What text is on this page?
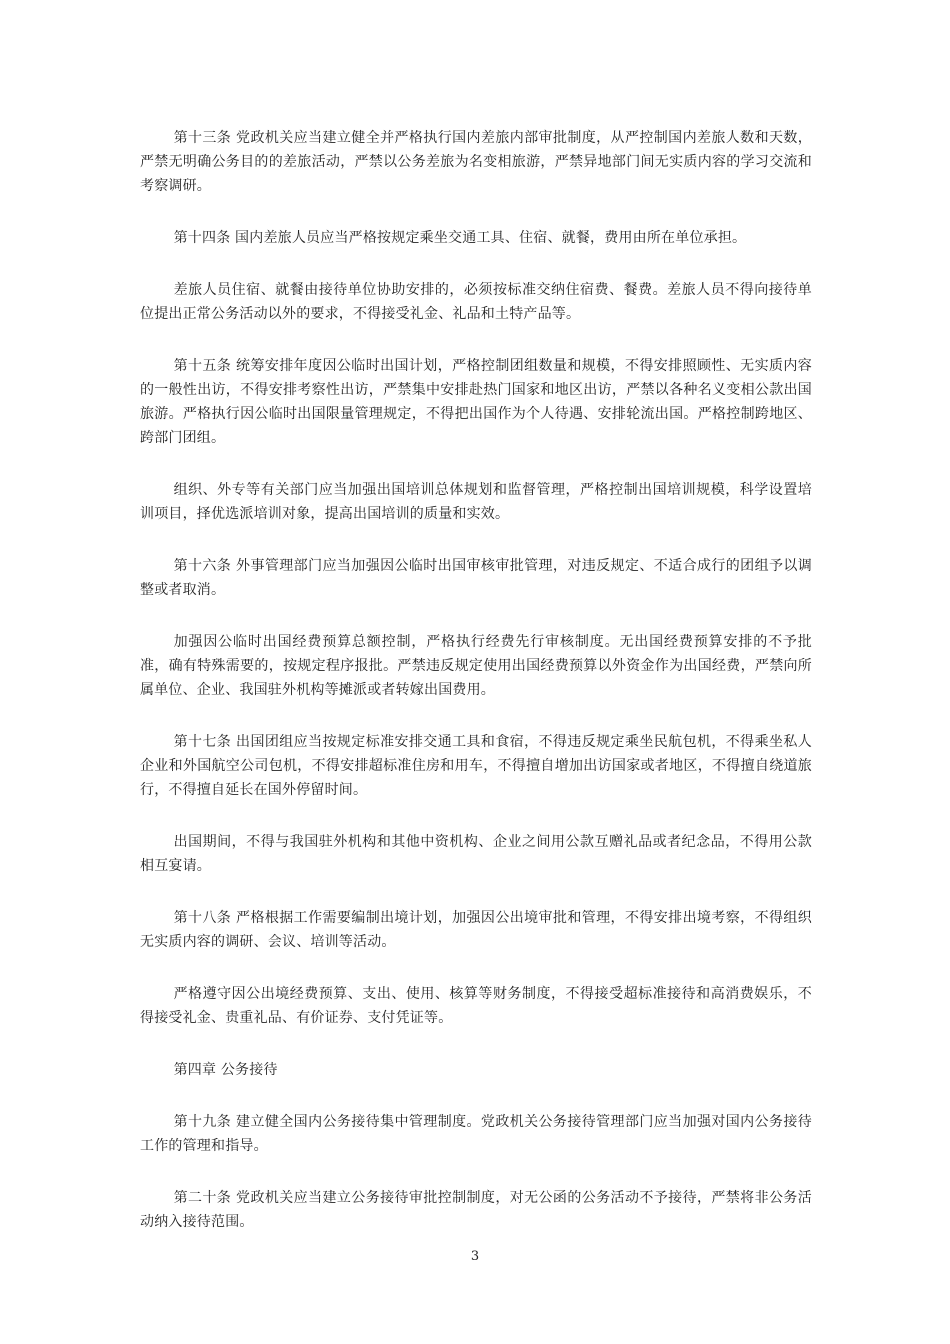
第十三条 党政机关应当建立健全并严格执行国内差旅内部审批制度，从严控制国内差旅人数和天数，严禁无明确公务目的的差旅活动，严禁以公务差旅为名变相旅游，严禁异地部门间无实质内容的学习交流和考察调研。

第十四条 国内差旅人员应当严格按规定乘坐交通工具、住宿、就餐，费用由所在单位承担。

差旅人员住宿、就餐由接待单位协助安排的，必须按标准交纳住宿费、餐费。差旅人员不得向接待单位提出正常公务活动以外的要求，不得接受礼金、礼品和土特产品等。

第十五条 统筹安排年度因公临时出国计划，严格控制团组数量和规模，不得安排照顾性、无实质内容的一般性出访，不得安排考察性出访，严禁集中安排赴热门国家和地区出访，严禁以各种名义变相公款出国旅游。严格执行因公临时出国限量管理规定，不得把出国作为个人待遇、安排轮流出国。严格控制跨地区、跨部门团组。

组织、外专等有关部门应当加强出国培训总体规划和监督管理，严格控制出国培训规模，科学设置培训项目，择优选派培训对象，提高出国培训的质量和实效。

第十六条 外事管理部门应当加强因公临时出国审核审批管理，对违反规定、不适合成行的团组予以调整或者取消。

加强因公临时出国经费预算总额控制，严格执行经费先行审核制度。无出国经费预算安排的不予批准，确有特殊需要的，按规定程序报批。严禁违反规定使用出国经费预算以外资金作为出国经费，严禁向所属单位、企业、我国驻外机构等摊派或者转嫁出国费用。

第十七条 出国团组应当按规定标准安排交通工具和食宿，不得违反规定乘坐民航包机，不得乘坐私人企业和外国航空公司包机，不得安排超标准住房和用车，不得擅自增加出访国家或者地区，不得擅自绕道旅行，不得擅自延长在国外停留时间。

出国期间，不得与我国驻外机构和其他中资机构、企业之间用公款互赠礼品或者纪念品，不得用公款相互宴请。

第十八条 严格根据工作需要编制出境计划，加强因公出境审批和管理，不得安排出境考察，不得组织无实质内容的调研、会议、培训等活动。

严格遵守因公出境经费预算、支出、使用、核算等财务制度，不得接受超标准接待和高消费娱乐，不得接受礼金、贵重礼品、有价证券、支付凭证等。

第四章 公务接待

第十九条 建立健全国内公务接待集中管理制度。党政机关公务接待管理部门应当加强对国内公务接待工作的管理和指导。

第二十条 党政机关应当建立公务接待审批控制制度，对无公函的公务活动不予接待，严禁将非公务活动纳入接待范围。

3
